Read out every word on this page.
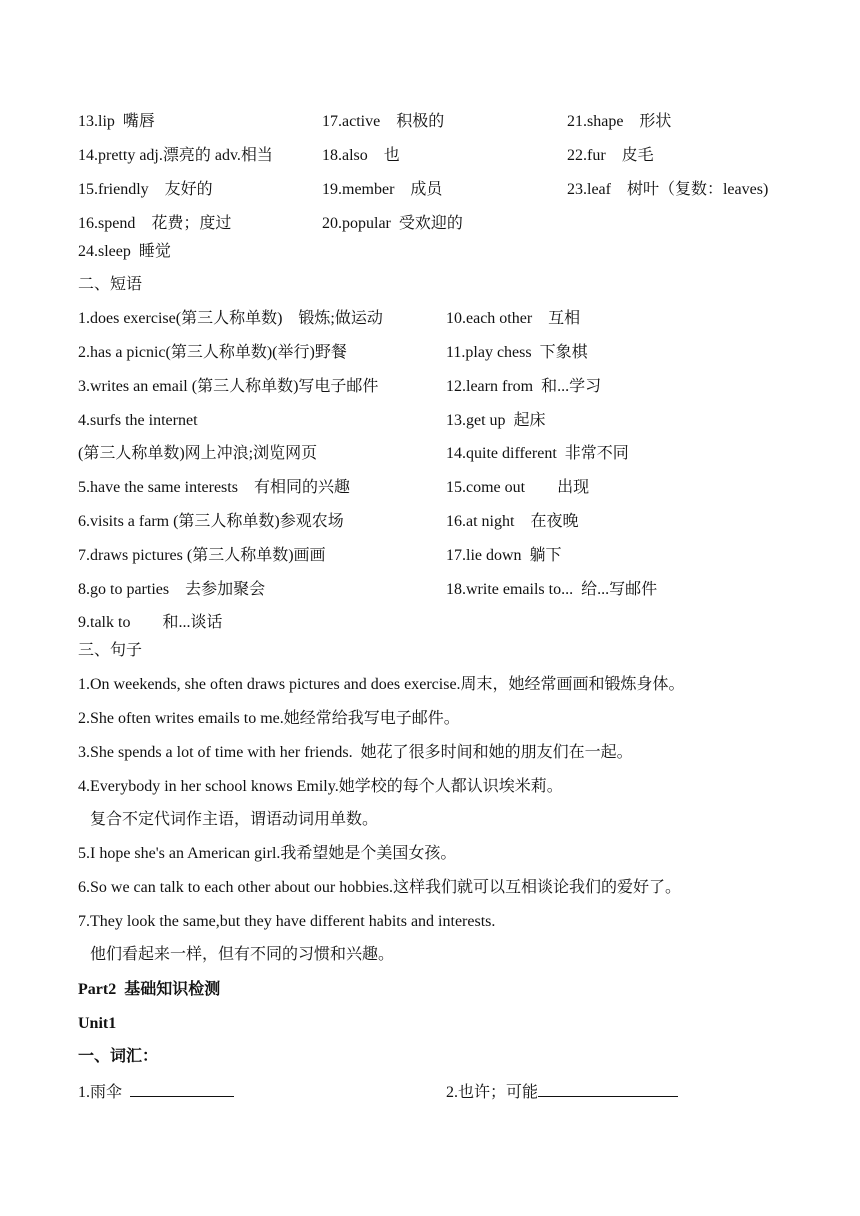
13.lip  嘴唇	17.active    积极的	21.shape    形状
14.pretty adj.漂亮的 adv.相当	18.also    也	22.fur    皮毛
15.friendly    友好的	19.member    成员	23.leaf    树叶（复数：leaves)
16.spend    花费；度过	20.popular  受欢迎的
24.sleep  睡觉
二、短语
1.does exercise(第三人称单数)    锻炼;做运动	10.each other    互相
2.has a picnic(第三人称单数)(举行)野餐	11.play chess  下象棋
3.writes an email (第三人称单数)写电子邮件	12.learn from  和...学习
4.surfs the internet	13.get up  起床
(第三人称单数)网上冲浪;浏览网页	14.quite different  非常不同
5.have the same interests    有相同的兴趣	15.come out        出现
6.visits a farm (第三人称单数)参观农场	16.at night    在夜晚
7.draws pictures (第三人称单数)画画	17.lie down  躺下
8.go to parties    去参加聚会	18.write emails to...  给...写邮件
9.talk to        和...谈话
三、句子
1.On weekends, she often draws pictures and does exercise.周末，她经常画画和锻炼身体。
2.She often writes emails to me.她经常给我写电子邮件。
3.She spends a lot of time with her friends.  她花了很多时间和她的朋友们在一起。
4.Everybody in her school knows Emily.她学校的每个人都认识埃米莉。
复合不定代词作主语，谓语动词用单数。
5.I hope she's an American girl.我希望她是个美国女孩。
6.So we can talk to each other about our hobbies.这样我们就可以互相谈论我们的爱好了。
7.They look the same,but they have different habits and interests.
他们看起来一样，但有不同的习惯和兴趣。
Part2  基础知识检测
Unit1
一、词汇：
1.雨伞	2.也许；可能
